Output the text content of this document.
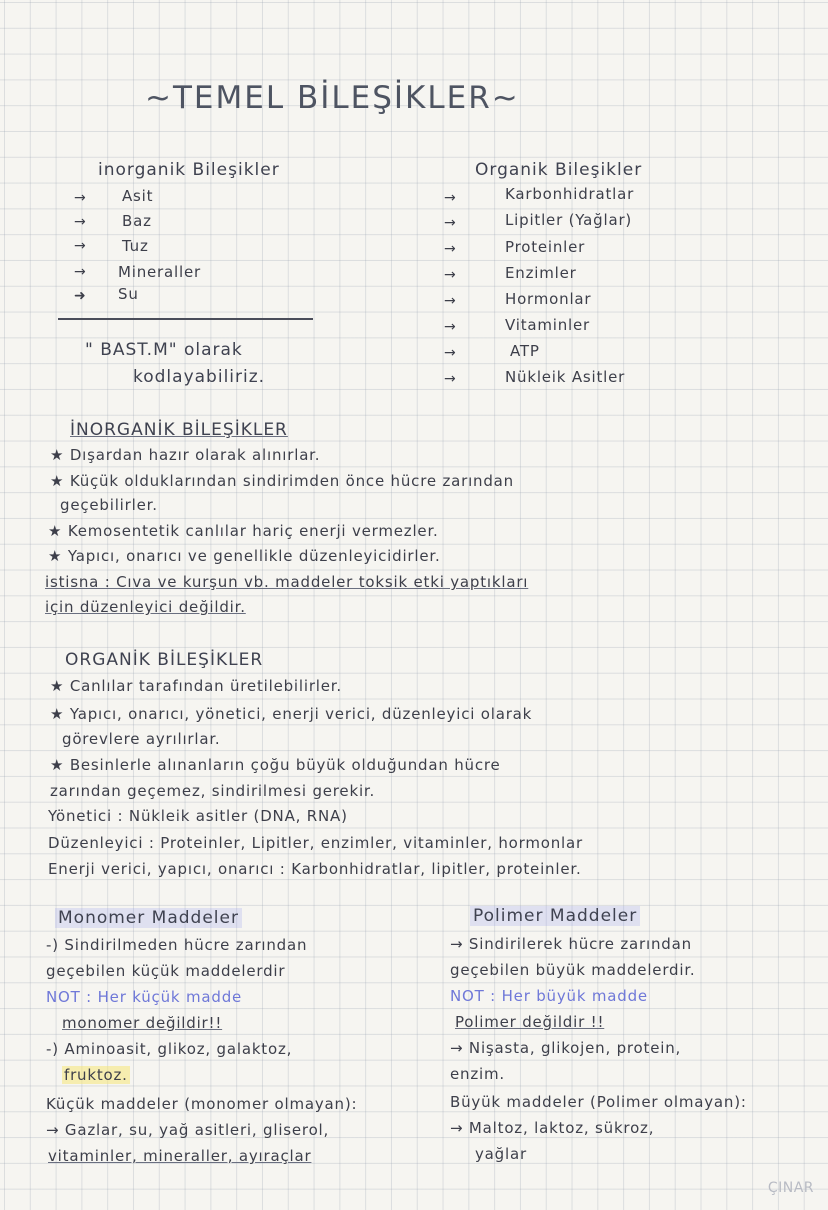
~TEMEL BİLEŞİKLER~
inorganik Bileşikler
→ Asit
→ Baz
→ Tuz
→ Mineraller
➜ Su
" BAST.M" olarak
kodlayabiliriz.
Organik Bileşikler
→	Karbonhidratlar
→	Lipitler (Yağlar)
→	Proteinler
→	Enzimler
→	Hormonlar
→	Vitaminler
→	ATP
→	Nükleik Asitler
İNORGANİK BİLEŞİKLER
★ Dışardan hazır olarak alınırlar.
★ Küçük olduklarından sindirimden önce hücre zarından
geçebilirler.
★ Kemosentetik canlılar hariç enerji vermezler.
★ Yapıcı, onarıcı ve genellikle düzenleyicidirler.
istisna : Cıva ve kurşun vb. maddeler toksik etki yaptıkları
için düzenleyici değildir.
ORGANİK BİLEŞİKLER
★ Canlılar tarafından üretilebilirler.
★ Yapıcı, onarıcı, yönetici, enerji verici, düzenleyici olarak
görevlere ayrılırlar.
★ Besinlerle alınanların çoğu büyük olduğundan hücre
zarından geçemez, sindirilmesi gerekir.
Yönetici : Nükleik asitler (DNA, RNA)
Düzenleyici : Proteinler, Lipitler, enzimler, vitaminler, hormonlar
Enerji verici, yapıcı, onarıcı : Karbonhidratlar, lipitler, proteinler.
Monomer Maddeler
-) Sindirilmeden hücre zarından
geçebilen küçük maddelerdir
NOT : Her küçük madde
monomer değildir!!
-) Aminoasit, glikoz, galaktoz,
fruktoz.
Küçük maddeler (monomer olmayan):
→ Gazlar, su, yağ asitleri, gliserol,
vitaminler, mineraller, ayıraçlar
Polimer Maddeler
→ Sindirilerek hücre zarından
geçebilen büyük maddelerdir.
NOT : Her büyük madde
Polimer değildir !!
→ Nişasta, glikojen, protein,
enzim.
Büyük maddeler (Polimer olmayan):
→ Maltoz, laktoz, sükroz,
yağlar
ÇINAR
